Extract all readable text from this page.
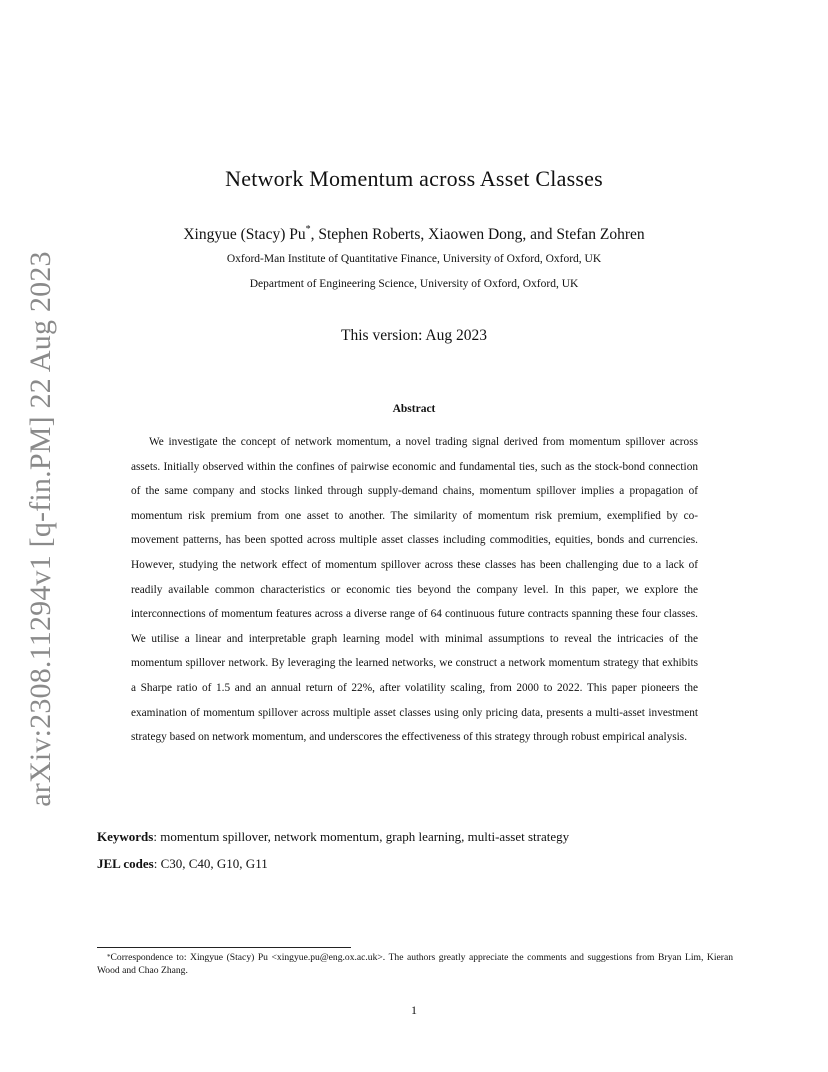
arXiv:2308.11294v1 [q-fin.PM] 22 Aug 2023
Network Momentum across Asset Classes
Xingyue (Stacy) Pu*, Stephen Roberts, Xiaowen Dong, and Stefan Zohren
Oxford-Man Institute of Quantitative Finance, University of Oxford, Oxford, UK
Department of Engineering Science, University of Oxford, Oxford, UK
This version: Aug 2023
Abstract
We investigate the concept of network momentum, a novel trading signal derived from momentum spillover across assets. Initially observed within the confines of pairwise economic and fundamental ties, such as the stock-bond connection of the same company and stocks linked through supply-demand chains, momentum spillover implies a propagation of momentum risk premium from one asset to another. The similarity of momentum risk premium, exemplified by co-movement patterns, has been spotted across multiple asset classes including commodities, equities, bonds and currencies. However, studying the network effect of momentum spillover across these classes has been challenging due to a lack of readily available common characteristics or economic ties beyond the company level. In this paper, we explore the interconnections of momentum features across a diverse range of 64 continuous future contracts spanning these four classes. We utilise a linear and interpretable graph learning model with minimal assumptions to reveal the intricacies of the momentum spillover network. By leveraging the learned networks, we construct a network momentum strategy that exhibits a Sharpe ratio of 1.5 and an annual return of 22%, after volatility scaling, from 2000 to 2022. This paper pioneers the examination of momentum spillover across multiple asset classes using only pricing data, presents a multi-asset investment strategy based on network momentum, and underscores the effectiveness of this strategy through robust empirical analysis.
Keywords: momentum spillover, network momentum, graph learning, multi-asset strategy
JEL codes: C30, C40, G10, G11
*Correspondence to: Xingyue (Stacy) Pu <xingyue.pu@eng.ox.ac.uk>. The authors greatly appreciate the comments and suggestions from Bryan Lim, Kieran Wood and Chao Zhang.
1
